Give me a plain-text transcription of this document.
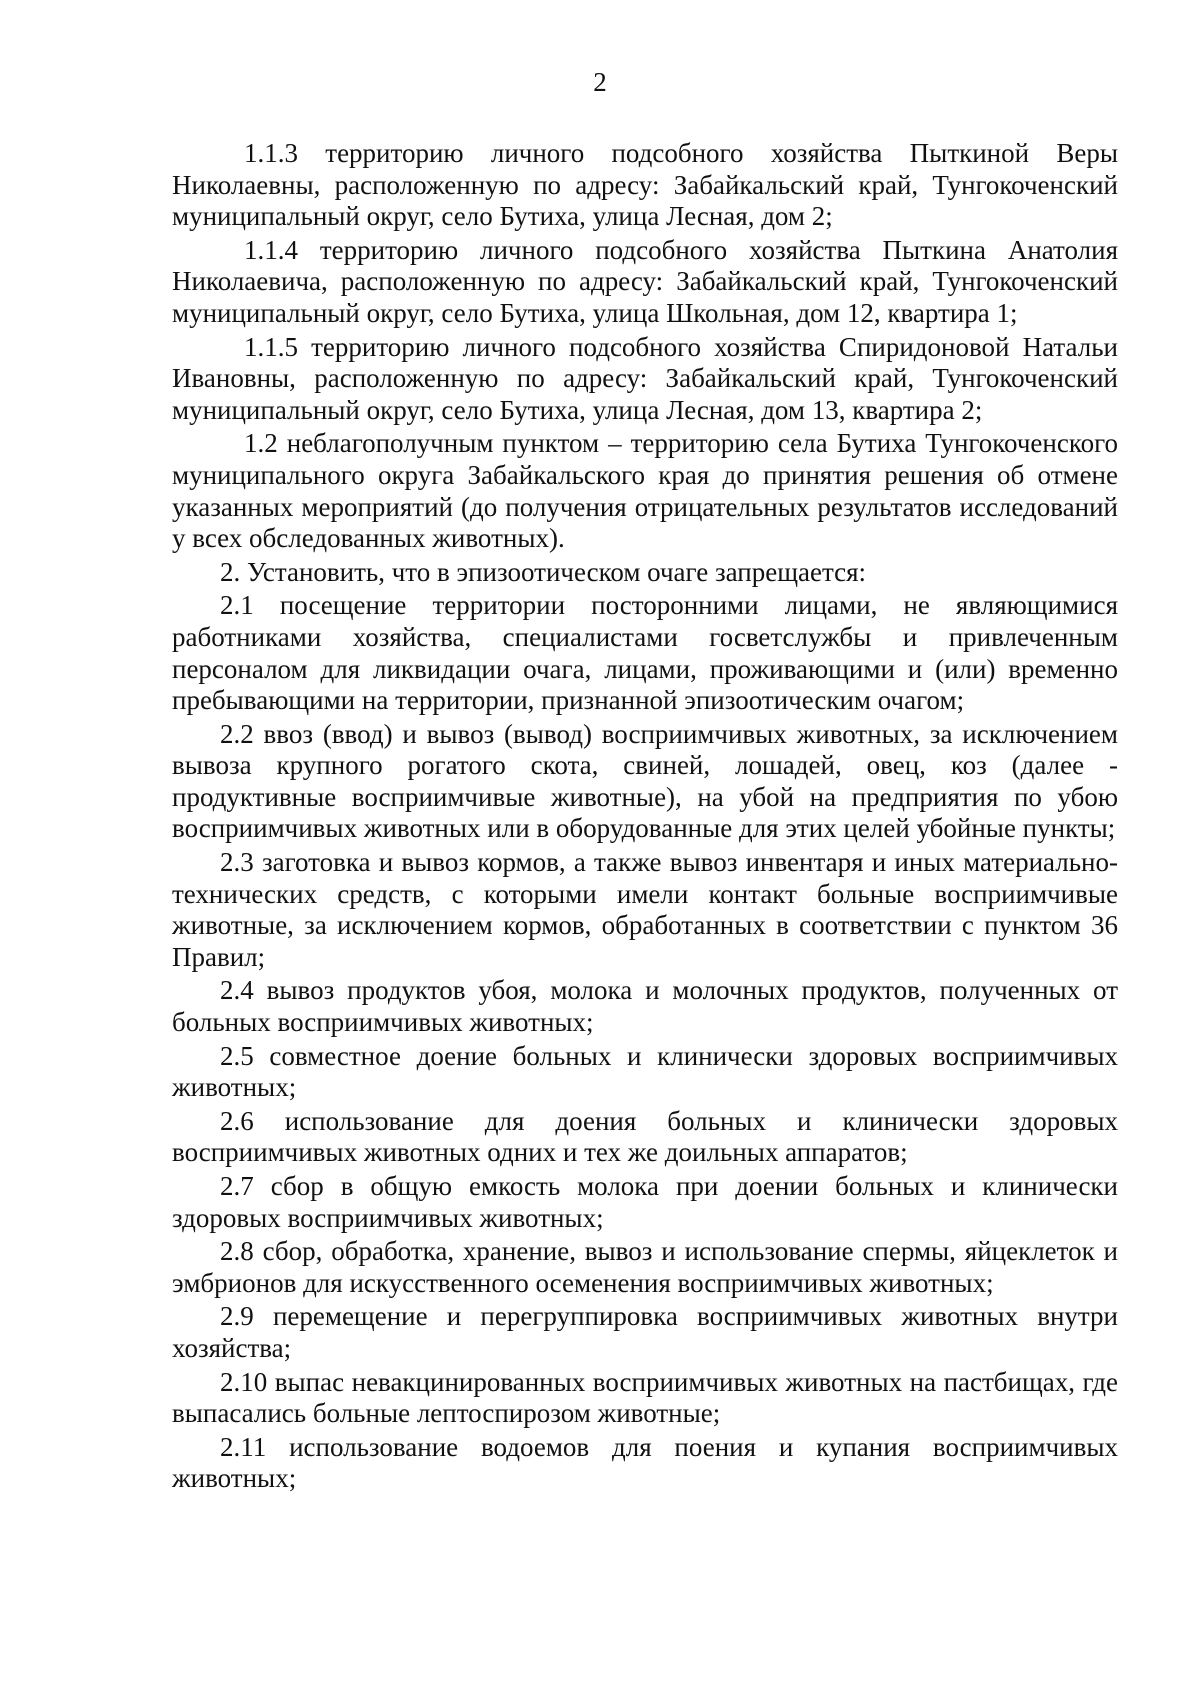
2

1.1.3 территорию личного подсобного хозяйства Пыткиной Веры Николаевны, расположенную по адресу: Забайкальский край, Тунгокоченский муниципальный округ, село Бутиха, улица Лесная, дом 2;

1.1.4 территорию личного подсобного хозяйства Пыткина Анатолия Николаевича, расположенную по адресу: Забайкальский край, Тунгокоченский муниципальный округ, село Бутиха, улица Школьная, дом 12, квартира 1;

1.1.5 территорию личного подсобного хозяйства Спиридоновой Натальи Ивановны, расположенную по адресу: Забайкальский край, Тунгокоченский муниципальный округ, село Бутиха, улица Лесная, дом 13, квартира 2;

1.2 неблагополучным пунктом – территорию села Бутиха Тунгокоченского муниципального округа Забайкальского края до принятия решения об отмене указанных мероприятий (до получения отрицательных результатов исследований у всех обследованных животных).

2. Установить, что в эпизоотическом очаге запрещается:

2.1 посещение территории посторонними лицами, не являющимися работниками хозяйства, специалистами госветслужбы и привлеченным персоналом для ликвидации очага, лицами, проживающими и (или) временно пребывающими на территории, признанной эпизоотическим очагом;

2.2 ввоз (ввод) и вывоз (вывод) восприимчивых животных, за исключением вывоза крупного рогатого скота, свиней, лошадей, овец, коз (далее - продуктивные восприимчивые животные), на убой на предприятия по убою восприимчивых животных или в оборудованные для этих целей убойные пункты;

2.3 заготовка и вывоз кормов, а также вывоз инвентаря и иных материально-технических средств, с которыми имели контакт больные восприимчивые животные, за исключением кормов, обработанных в соответствии с пунктом 36 Правил;

2.4 вывоз продуктов убоя, молока и молочных продуктов, полученных от больных восприимчивых животных;

2.5 совместное доение больных и клинически здоровых восприимчивых животных;

2.6 использование для доения больных и клинически здоровых восприимчивых животных одних и тех же доильных аппаратов;

2.7 сбор в общую емкость молока при доении больных и клинически здоровых восприимчивых животных;

2.8 сбор, обработка, хранение, вывоз и использование спермы, яйцеклеток и эмбрионов для искусственного осеменения восприимчивых животных;

2.9 перемещение и перегруппировка восприимчивых животных внутри хозяйства;

2.10 выпас невакцинированных восприимчивых животных на пастбищах, где выпасались больные лептоспирозом животные;

2.11 использование водоемов для поения и купания восприимчивых животных;
